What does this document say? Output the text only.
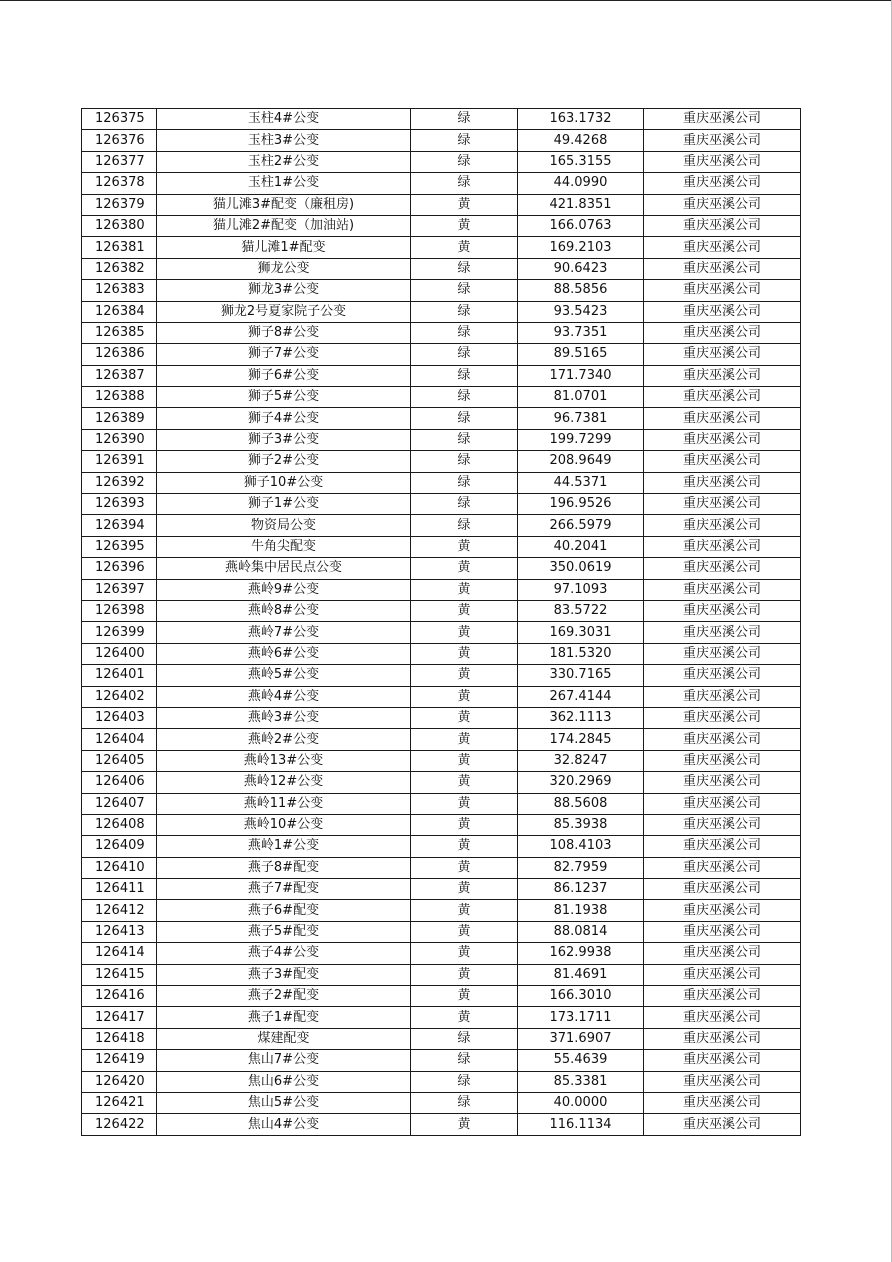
126375	玉柱4#公变	绿	163.1732	重庆巫溪公司
126376	玉柱3#公变	绿	49.4268	重庆巫溪公司
126377	玉柱2#公变	绿	165.3155	重庆巫溪公司
126378	玉柱1#公变	绿	44.0990	重庆巫溪公司
126379	猫儿滩3#配变（廉租房)	黄	421.8351	重庆巫溪公司
126380	猫儿滩2#配变（加油站)	黄	166.0763	重庆巫溪公司
126381	猫儿滩1#配变	黄	169.2103	重庆巫溪公司
126382	狮龙公变	绿	90.6423	重庆巫溪公司
126383	狮龙3#公变	绿	88.5856	重庆巫溪公司
126384	狮龙2号夏家院子公变	绿	93.5423	重庆巫溪公司
126385	狮子8#公变	绿	93.7351	重庆巫溪公司
126386	狮子7#公变	绿	89.5165	重庆巫溪公司
126387	狮子6#公变	绿	171.7340	重庆巫溪公司
126388	狮子5#公变	绿	81.0701	重庆巫溪公司
126389	狮子4#公变	绿	96.7381	重庆巫溪公司
126390	狮子3#公变	绿	199.7299	重庆巫溪公司
126391	狮子2#公变	绿	208.9649	重庆巫溪公司
126392	狮子10#公变	绿	44.5371	重庆巫溪公司
126393	狮子1#公变	绿	196.9526	重庆巫溪公司
126394	物资局公变	绿	266.5979	重庆巫溪公司
126395	牛角尖配变	黄	40.2041	重庆巫溪公司
126396	燕岭集中居民点公变	黄	350.0619	重庆巫溪公司
126397	燕岭9#公变	黄	97.1093	重庆巫溪公司
126398	燕岭8#公变	黄	83.5722	重庆巫溪公司
126399	燕岭7#公变	黄	169.3031	重庆巫溪公司
126400	燕岭6#公变	黄	181.5320	重庆巫溪公司
126401	燕岭5#公变	黄	330.7165	重庆巫溪公司
126402	燕岭4#公变	黄	267.4144	重庆巫溪公司
126403	燕岭3#公变	黄	362.1113	重庆巫溪公司
126404	燕岭2#公变	黄	174.2845	重庆巫溪公司
126405	燕岭13#公变	黄	32.8247	重庆巫溪公司
126406	燕岭12#公变	黄	320.2969	重庆巫溪公司
126407	燕岭11#公变	黄	88.5608	重庆巫溪公司
126408	燕岭10#公变	黄	85.3938	重庆巫溪公司
126409	燕岭1#公变	黄	108.4103	重庆巫溪公司
126410	燕子8#配变	黄	82.7959	重庆巫溪公司
126411	燕子7#配变	黄	86.1237	重庆巫溪公司
126412	燕子6#配变	黄	81.1938	重庆巫溪公司
126413	燕子5#配变	黄	88.0814	重庆巫溪公司
126414	燕子4#公变	黄	162.9938	重庆巫溪公司
126415	燕子3#配变	黄	81.4691	重庆巫溪公司
126416	燕子2#配变	黄	166.3010	重庆巫溪公司
126417	燕子1#配变	黄	173.1711	重庆巫溪公司
126418	煤建配变	绿	371.6907	重庆巫溪公司
126419	焦山7#公变	绿	55.4639	重庆巫溪公司
126420	焦山6#公变	绿	85.3381	重庆巫溪公司
126421	焦山5#公变	绿	40.0000	重庆巫溪公司
126422	焦山4#公变	黄	116.1134	重庆巫溪公司
